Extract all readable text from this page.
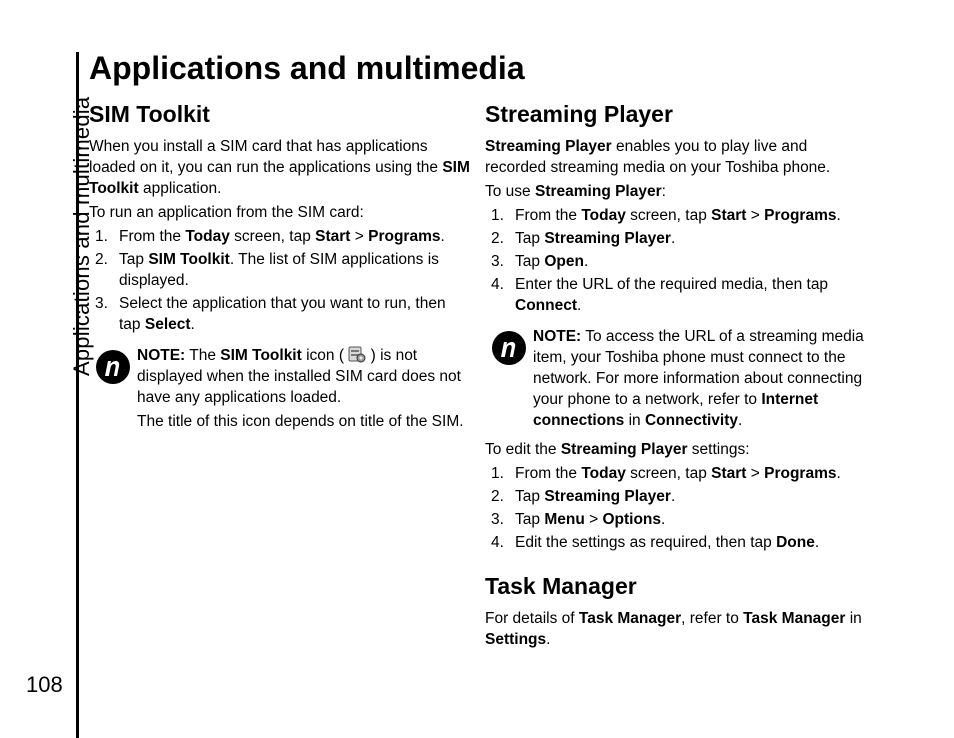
Applications and multimedia
108
Applications and multimedia
SIM Toolkit

When you install a SIM card that has applications loaded on it, you can run the applications using the SIM Toolkit application.

To run an application from the SIM card:

1. From the Today screen, tap Start > Programs.
2. Tap SIM Toolkit. The list of SIM applications is displayed.
3. Select the application that you want to run, then tap Select.

NOTE: The SIM Toolkit icon (  ) is not displayed when the installed SIM card does not have any applications loaded.

The title of this icon depends on title of the SIM.

Streaming Player

Streaming Player enables you to play live and recorded streaming media on your Toshiba phone.

To use Streaming Player:

1. From the Today screen, tap Start > Programs.
2. Tap Streaming Player.
3. Tap Open.
4. Enter the URL of the required media, then tap Connect.

NOTE: To access the URL of a streaming media item, your Toshiba phone must connect to the network. For more information about connecting your phone to a network, refer to Internet connections in Connectivity.

To edit the Streaming Player settings:

1. From the Today screen, tap Start > Programs.
2. Tap Streaming Player.
3. Tap Menu > Options.
4. Edit the settings as required, then tap Done.
Task Manager

For details of Task Manager, refer to Task Manager in Settings.
